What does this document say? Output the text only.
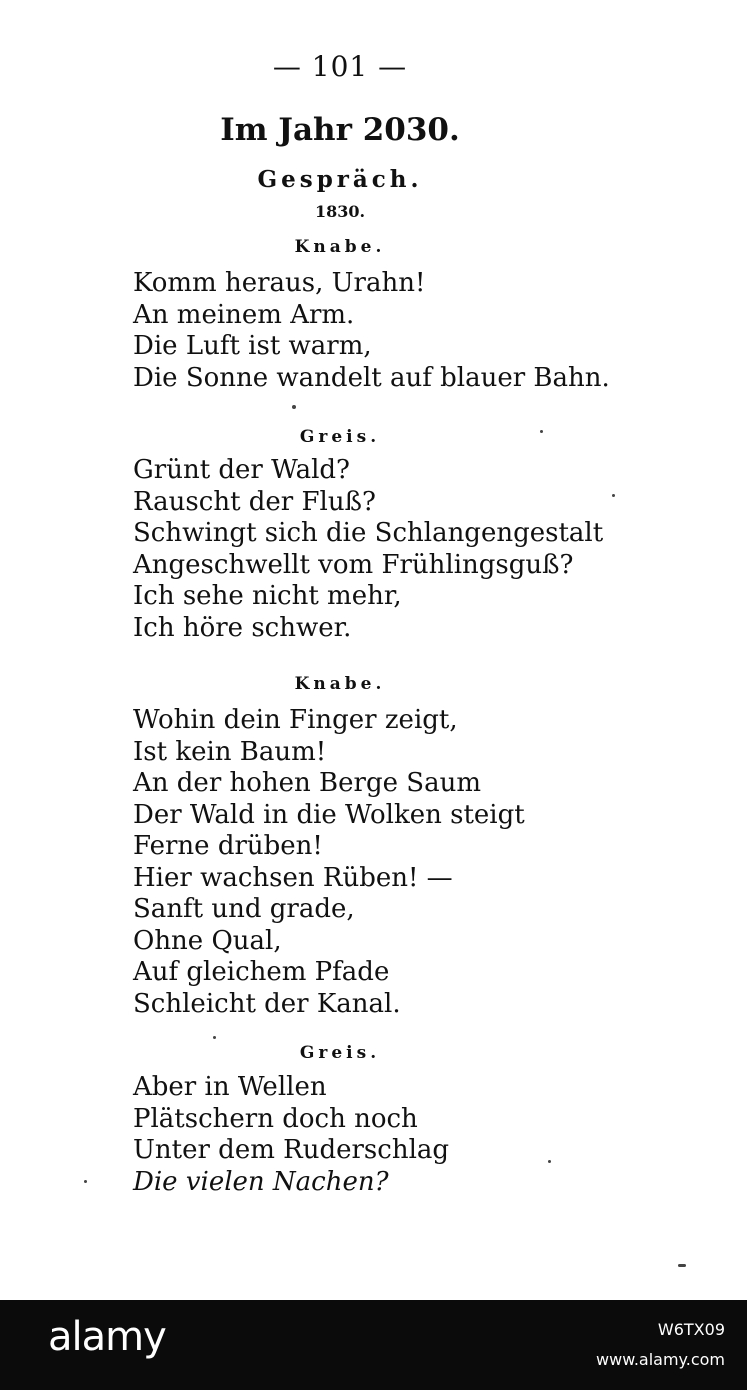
— 101 —
Im Jahr 2030.
Gespräch.
1830.
Knabe.
Komm heraus, Urahn!
An meinem Arm.
Die Luft ist warm,
Die Sonne wandelt auf blauer Bahn.
Greis.
Grünt der Wald?
Rauscht der Fluß?
Schwingt sich die Schlangengestalt
Angeschwellt vom Frühlingsguß?
Ich sehe nicht mehr,
Ich höre schwer.
Knabe.
Wohin dein Finger zeigt,
Ist kein Baum!
An der hohen Berge Saum
Der Wald in die Wolken steigt
Ferne drüben!
Hier wachsen Rüben! —
Sanft und grade,
Ohne Qual,
Auf gleichem Pfade
Schleicht der Kanal.
Greis.
Aber in Wellen
Plätschern doch noch
Unter dem Ruderschlag
Die vielen Nachen?
alamy	W6TX09
www.alamy.com
